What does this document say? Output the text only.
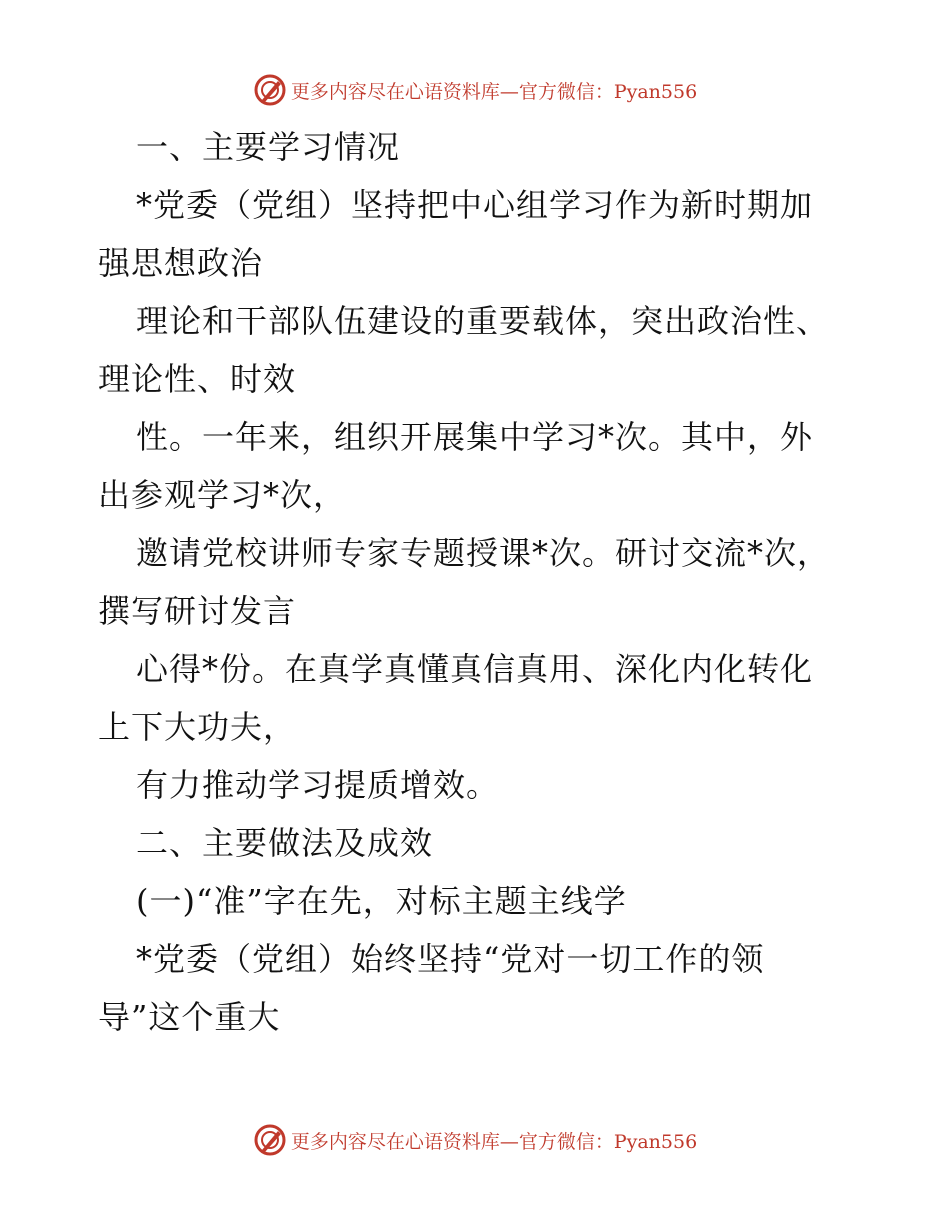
更多内容尽在心语资料库—官方微信：Pyan556
一、主要学习情况
*党委（党组）坚持把中心组学习作为新时期加
强思想政治
理论和干部队伍建设的重要载体，突出政治性、
理论性、时效
性。一年来，组织开展集中学习*次。其中，外
出参观学习*次，
邀请党校讲师专家专题授课*次。研讨交流*次，
撰写研讨发言
心得*份。在真学真懂真信真用、深化内化转化
上下大功夫，
有力推动学习提质增效。
二、主要做法及成效
(一)“准”字在先，对标主题主线学
*党委（党组）始终坚持“党对一切工作的领
导”这个重大
更多内容尽在心语资料库—官方微信：Pyan556
